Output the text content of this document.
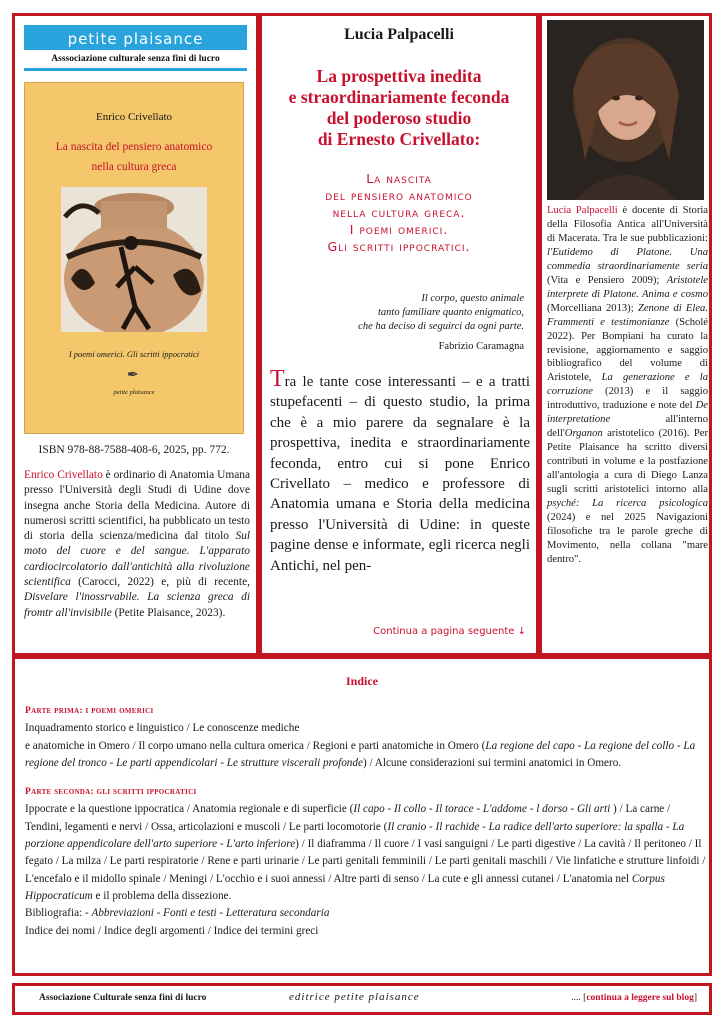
petite plaisance
Asssociazione culturale senza fini di lucro
Enrico Crivellato
La nascita del pensiero anatomico
nella cultura greca
I poemi omerici. Gli scritti ippocratici
✒
petite plaisance
ISBN 978-88-7588-408-6, 2025, pp. 772.
Enrico Crivellato è ordinario di Anatomia Umana presso l'Università degli Studi di Udine dove insegna anche Storia della Medicina. Autore di numerosi scritti scientifici, ha pubblicato un testo di storia della scienza/medicina dal titolo Sul moto del cuore e del sangue. L'apparato cardiocircolatorio dall'antichità alla rivoluzione scientifica (Carocci, 2022) e, più di recente, Disvelare l'inossrvabile. La scienza greca di fromtr all'invisibile (Petite Plaisance, 2023).
Lucia Palpacelli
La prospettiva inedita
e straordinariamente feconda
del poderoso studio
di Ernesto Crivellato:
La nascita
del pensiero anatomico
nella cultura greca.
I poemi omerici.
Gli scritti ippocratici.
Il corpo, questo animale
tanto familiare quanto enigmatico,
che ha deciso di seguirci da ogni parte.
Fabrizio Caramagna
Tra le tante cose interessanti – e a tratti stupefacenti – di questo studio, la prima che è a mio parere da segnalare è la prospettiva, inedita e straordinariamente feconda, entro cui si pone Enrico Crivellato – medico e professore di Anatomia umana e Storia della medicina presso l'Università di Udine: in queste pagine dense e informate, egli ricerca negli Antichi, nel pen-
Continua a pagina seguente ↓
Lucia Palpacelli è docente di Storia della Filosofia Antica all'Università di Macerata. Tra le sue pubblicazioni: l'Eutidemo di Platone. Una commedia straordinariamente seria (Vita e Pensiero 2009); Aristotele interprete di Platone. Anima e cosmo (Morcelliana 2013); Zenone di Elea. Frammenti e testimonianze (Scholé 2022). Per Bompiani ha curato la revisione, aggiornamento e saggio bibliografico del volume di Aristotele, La generazione e la corruzione (2013) e il saggio introduttivo, traduzione e note del De interpretatione all'interno dell'Organon aristotelico (2016). Per Petite Plaisance ha scritto diversi contributi in volume e la postfazione all'antologia a cura di Diego Lanza sugli scritti aristotelici intorno alla psyché: La ricerca psicologica (2024) e nel 2025 Navigazioni filosofiche tra le parole greche di Movimento, nella collana "mare dentro".
Indice
Parte prima: i poemi omerici
Inquadramento storico e linguistico / Le conoscenze mediche
e anatomiche in Omero / Il corpo umano nella cultura omerica / Regioni e parti anatomiche in Omero (La regione del capo - La regione del collo - La regione del tronco - Le parti appendicolari - Le strutture viscerali profonde) / Alcune considerazioni sui termini anatomici in Omero.
Parte seconda: gli scritti ippocratici
Ippocrate e la questione ippocratica / Anatomia regionale e di superficie (Il capo - Il collo - Il torace - L'addome - l dorso - Gli arti ) / La carne / Tendini, legamenti e nervi / Ossa, articolazioni e muscoli / Le parti locomotorie (Il cranio - Il rachide - La radice dell'arto superiore: la spalla - La porzione appendicolare dell'arto superiore - L'arto inferiore) / Il diaframma / Il cuore / I vasi sanguigni / Le parti digestive / La cavità / Il peritoneo / Il fegato / La milza / Le parti respiratorie / Rene e parti urinarie / Le parti genitali femminili / Le parti genitali maschili / Vie linfatiche e strutture linfoidi / L'encefalo e il midollo spinale / Meningi / L'occhio e i suoi annessi / Altre parti di senso / La cute e gli annessi cutanei / L'anatomia nel Corpus Hippocraticum e il problema della dissezione.
Bibliografia: - Abbreviazioni - Fonti e testi - Letteratura secondaria
Indice dei nomi / Indice degli argomenti / Indice dei termini greci
Associazione Culturale senza fini di lucro	editrice petite plaisance	.... [continua a leggere sul blog]
